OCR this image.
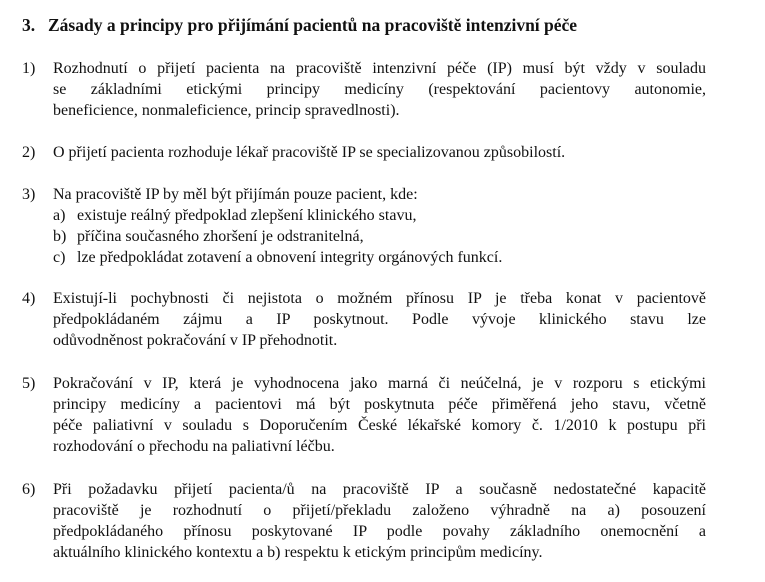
3. Zásady a principy pro přijímání pacientů na pracoviště intenzivní péče
1) Rozhodnutí o přijetí pacienta na pracoviště intenzivní péče (IP) musí být vždy v souladu
se základními etickými principy medicíny (respektování pacientovy autonomie,
beneficience, nonmaleficience, princip spravedlnosti).
2) O přijetí pacienta rozhoduje lékař pracoviště IP se specializovanou způsobilostí.
3) Na pracoviště IP by měl být přijímán pouze pacient, kde:
a) existuje reálný předpoklad zlepšení klinického stavu,
b) příčina současného zhoršení je odstranitelná,
c) lze předpokládat zotavení a obnovení integrity orgánových funkcí.
4) Existují-li pochybnosti či nejistota o možném přínosu IP je třeba konat v pacientově
předpokládaném zájmu a IP poskytnout. Podle vývoje klinického stavu lze
odůvodněnost pokračování v IP přehodnotit.
5) Pokračování v IP, která je vyhodnocena jako marná či neúčelná, je v rozporu s etickými
principy medicíny a pacientovi má být poskytnuta péče přiměřená jeho stavu, včetně
péče paliativní v souladu s Doporučením České lékařské komory č. 1/2010 k postupu při
rozhodování o přechodu na paliativní léčbu.
6) Při požadavku přijetí pacienta/ů na pracoviště IP a současně nedostatečné kapacitě
pracoviště je rozhodnutí o přijetí/překladu založeno výhradně na a) posouzení
předpokládaného přínosu poskytované IP podle povahy základního onemocnění a
aktuálního klinického kontextu a b) respektu k etickým principům medicíny.
